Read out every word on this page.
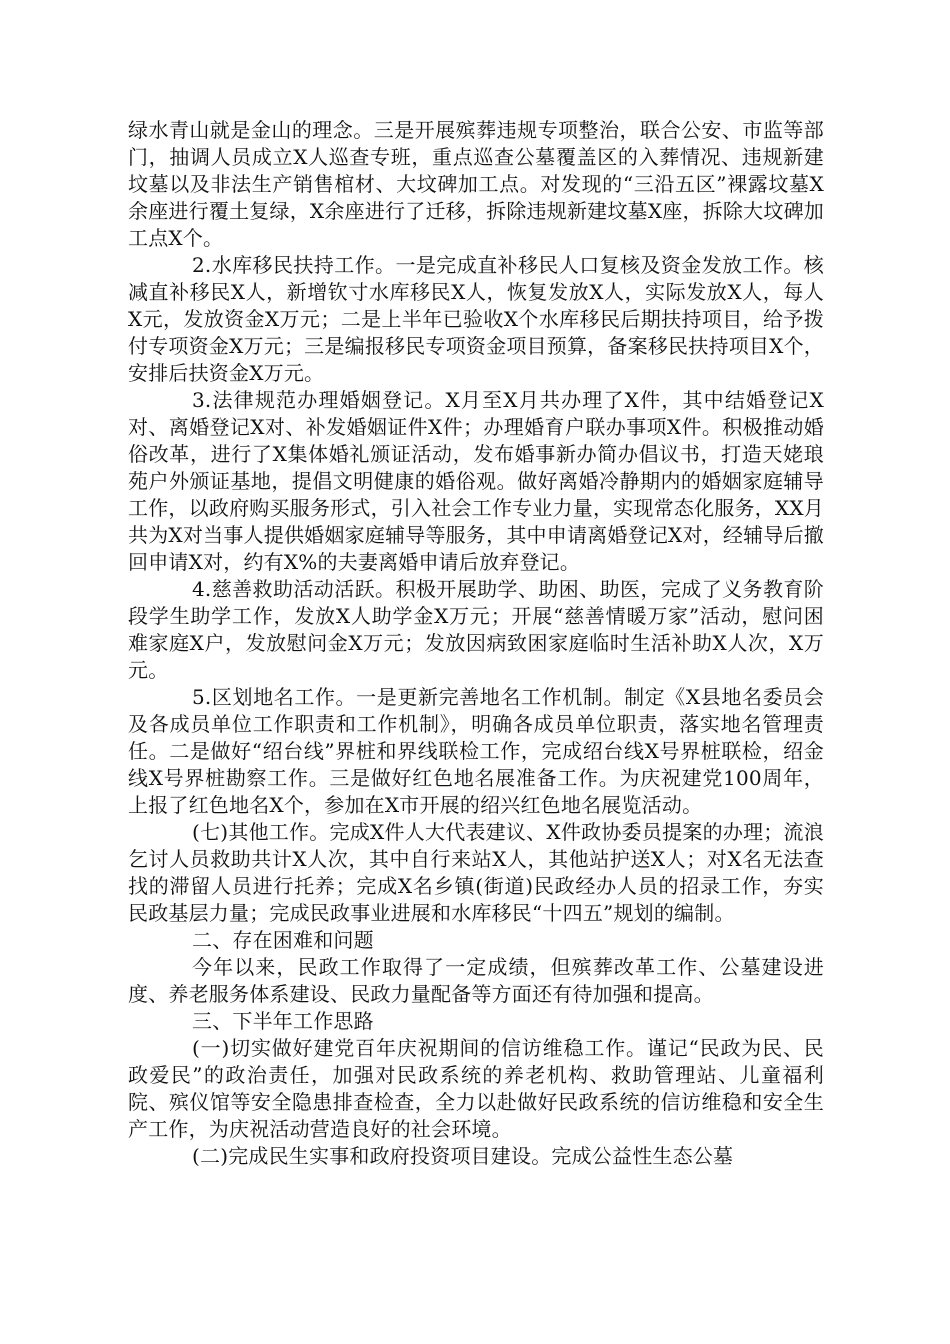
绿水青山就是金山的理念。三是开展殡葬违规专项整治，联合公安、市监等部门，抽调人员成立X人巡查专班，重点巡查公墓覆盖区的入葬情况、违规新建坟墓以及非法生产销售棺材、大坟碑加工点。对发现的“三沿五区”裸露坟墓X余座进行覆土复绿，X余座进行了迁移，拆除违规新建坟墓X座，拆除大坟碑加工点X个。

2.水库移民扶持工作。一是完成直补移民人口复核及资金发放工作。核减直补移民X人，新增钦寸水库移民X人，恢复发放X人，实际发放X人，每人X元，发放资金X万元；二是上半年已验收X个水库移民后期扶持项目，给予拨付专项资金X万元；三是编报移民专项资金项目预算，备案移民扶持项目X个，安排后扶资金X万元。

3.法律规范办理婚姻登记。X月至X月共办理了X件，其中结婚登记X对、离婚登记X对、补发婚姻证件X件；办理婚育户联办事项X件。积极推动婚俗改革，进行了X集体婚礼颁证活动，发布婚事新办简办倡议书，打造天姥琅苑户外颁证基地，提倡文明健康的婚俗观。做好离婚冷静期内的婚姻家庭辅导工作，以政府购买服务形式，引入社会工作专业力量，实现常态化服务，XX月共为X对当事人提供婚姻家庭辅导等服务，其中申请离婚登记X对，经辅导后撤回申请X对，约有X%的夫妻离婚申请后放弃登记。

4.慈善救助活动活跃。积极开展助学、助困、助医，完成了义务教育阶段学生助学工作，发放X人助学金X万元；开展“慈善情暖万家”活动，慰问困难家庭X户，发放慰问金X万元；发放因病致困家庭临时生活补助X人次，X万元。

5.区划地名工作。一是更新完善地名工作机制。制定《X县地名委员会及各成员单位工作职责和工作机制》，明确各成员单位职责，落实地名管理责任。二是做好“绍台线”界桩和界线联检工作，完成绍台线X号界桩联检，绍金线X号界桩勘察工作。三是做好红色地名展准备工作。为庆祝建党100周年，上报了红色地名X个，参加在X市开展的绍兴红色地名展览活动。

(七)其他工作。完成X件人大代表建议、X件政协委员提案的办理；流浪乞讨人员救助共计X人次，其中自行来站X人，其他站护送X人；对X名无法查找的滞留人员进行托养；完成X名乡镇(街道)民政经办人员的招录工作，夯实民政基层力量；完成民政事业进展和水库移民“十四五”规划的编制。

二、存在困难和问题

今年以来，民政工作取得了一定成绩，但殡葬改革工作、公墓建设进度、养老服务体系建设、民政力量配备等方面还有待加强和提高。

三、下半年工作思路

(一)切实做好建党百年庆祝期间的信访维稳工作。谨记“民政为民、民政爱民”的政治责任，加强对民政系统的养老机构、救助管理站、儿童福利院、殡仪馆等安全隐患排查检查，全力以赴做好民政系统的信访维稳和安全生产工作，为庆祝活动营造良好的社会环境。

(二)完成民生实事和政府投资项目建设。完成公益性生态公墓
